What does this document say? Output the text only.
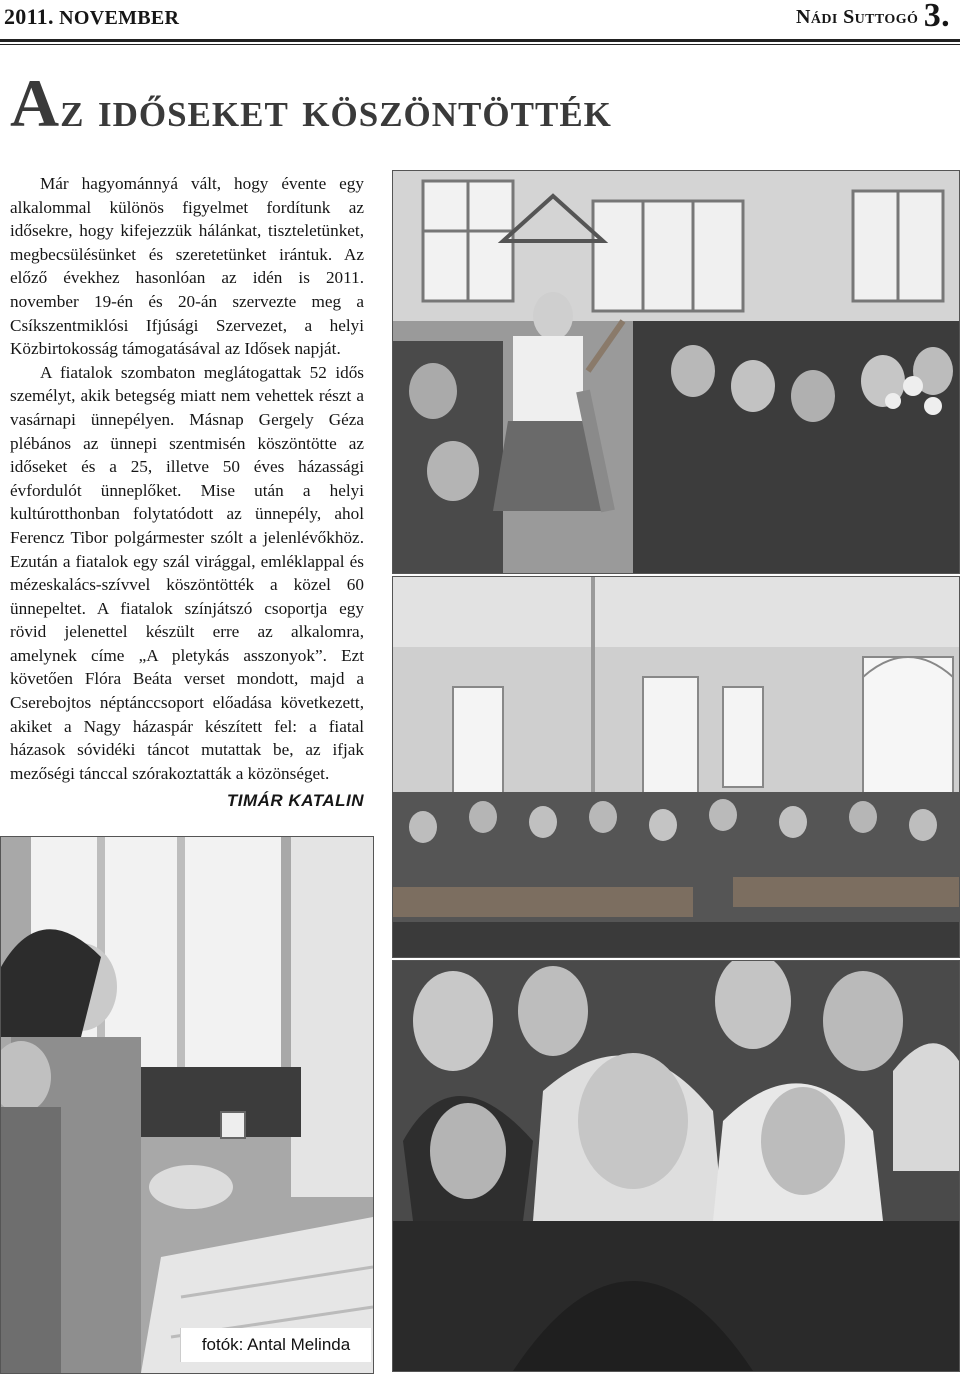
2011. NOVEMBER	Nádi Suttogó 3.
Az időseket köszöntötték

Már hagyománnyá vált, hogy évente egy alkalommal különös figyelmet fordítunk az idősekre, hogy kifejezzük hálánkat, tiszteletünket, megbecsülésünket és szeretetünket irántuk. Az előző évekhez hasonlóan az idén is 2011. november 19-én és 20-án szervezte meg a Csíkszentmiklósi Ifjúsági Szervezet, a helyi Közbirtokosság támogatásával az Idősek napját.

A fiatalok szombaton meglátogattak 52 idős személyt, akik betegség miatt nem vehettek részt a vasárnapi ünnepélyen. Másnap Gergely Géza plébános az ünnepi szentmisén köszöntötte az időseket és a 25, illetve 50 éves házassági évfordulót ünneplőket. Mise után a helyi kultúrotthonban folytatódott az ünnepély, ahol Ferencz Tibor polgármester szólt a jelenlévőkhöz. Ezután a fiatalok egy szál virággal, emléklappal és mézeskalács-szívvel köszöntötték a közel 60 ünnepeltet. A fiatalok színjátszó csoportja egy rövid jelenettel készült erre az alkalomra, amelynek címe „A pletykás asszonyok”. Ezt követően Flóra Beáta verset mondott, majd a Cserebojtos néptánccsoport előadása következett, akiket a Nagy házaspár készített fel: a fiatal házasok sóvidéki táncot mutattak be, az ifjak mezőségi tánccal szórakoztatták a közönséget.

TIMÁR KATALIN
fotók: Antal Melinda
